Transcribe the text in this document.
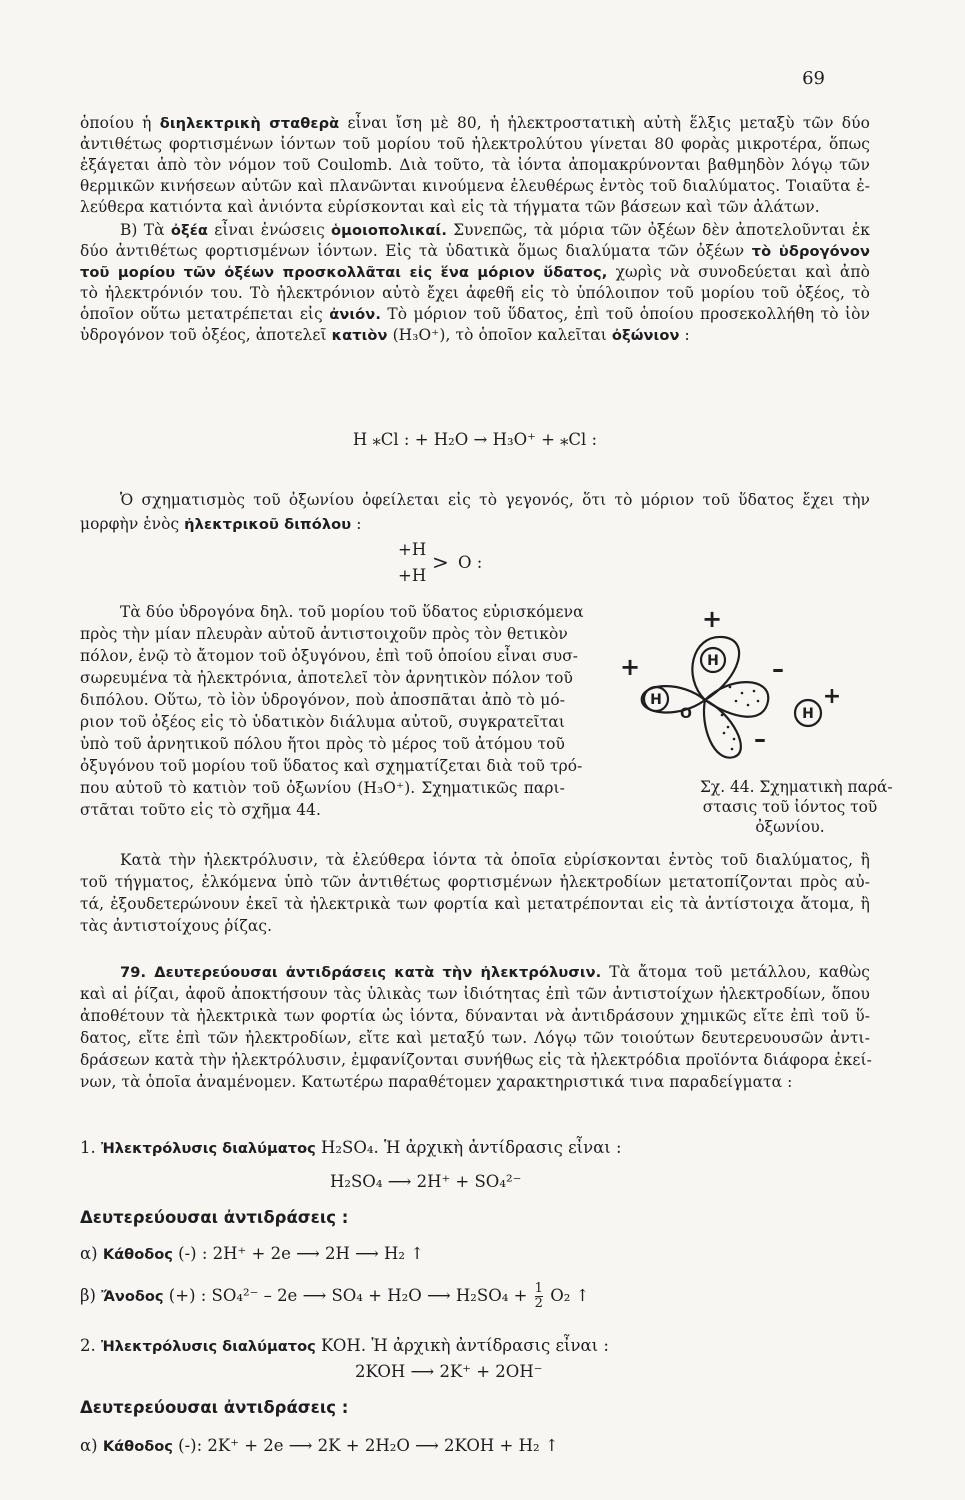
69
ὁποίου ἡ διηλεκτρικὴ σταθερὰ εἶναι ἴση μὲ 80, ἡ ἠλεκτροστατικὴ αὐτὴ ἕλξις μεταξὺ τῶν δύο
ἀντιθέτως φορτισμένων ἰόντων τοῦ μορίου τοῦ ἠλεκτρολύτου γίνεται 80 φορὰς μικροτέρα, ὅπως
ἐξάγεται ἀπὸ τὸν νόμον τοῦ Coulomb. Διὰ τοῦτο, τὰ ἰόντα ἀπομακρύνονται βαθμηδὸν λόγῳ τῶν
θερμικῶν κινήσεων αὐτῶν καὶ πλανῶνται κινούμενα ἐλευθέρως ἐντὸς τοῦ διαλύματος. Τοιαῦτα ἐ-
λεύθερα κατιόντα καὶ ἀνιόντα εὑρίσκονται καὶ εἰς τὰ τήγματα τῶν βάσεων καὶ τῶν ἀλάτων.
Β) Τὰ ὀξέα εἶναι ἑνώσεις ὁμοιοπολικαί. Συνεπῶς, τὰ μόρια τῶν ὀξέων δὲν ἀποτελοῦνται ἐκ
δύο ἀντιθέτως φορτισμένων ἰόντων. Εἰς τὰ ὑδατικὰ ὅμως διαλύματα τῶν ὀξέων τὸ ὑδρογόνον
τοῦ μορίου τῶν ὀξέων προσκολλᾶται εἰς ἕνα μόριον ὕδατος, χωρὶς νὰ συνοδεύεται καὶ ἀπὸ
τὸ ἠλεκτρόνιόν του. Τὸ ἠλεκτρόνιον αὐτὸ ἔχει ἀφεθῆ εἰς τὸ ὑπόλοιπον τοῦ μορίου τοῦ ὀξέος, τὸ
ὁποῖον οὕτω μετατρέπεται εἰς ἀνιόν. Τὸ μόριον τοῦ ὕδατος, ἐπὶ τοῦ ὁποίου προσεκολλήθη τὸ ἰὸν
ὑδρογόνον τοῦ ὀξέος, ἀποτελεῖ κατιὸν (H₃O⁺), τὸ ὁποῖον καλεῖται ὀξώνιον :
H ⁎Cl : + H₂O → H₃O⁺ + ⁎Cl :
Ὁ σχηματισμὸς τοῦ ὀξωνίου ὀφείλεται εἰς τὸ γεγονός, ὅτι τὸ μόριον τοῦ ὕδατος ἔχει τὴν
μορφὴν ἑνὸς ἠλεκτρικοῦ διπόλου :
+H
+H
> O :
Τὰ δύο ὑδρογόνα δηλ. τοῦ μορίου τοῦ ὕδατος εὑρισκόμενα
πρὸς τὴν μίαν πλευρὰν αὐτοῦ ἀντιστοιχοῦν πρὸς τὸν θετικὸν
πόλον, ἐνῷ τὸ ἄτομον τοῦ ὀξυγόνου, ἐπὶ τοῦ ὁποίου εἶναι συσ-
σωρευμένα τὰ ἠλεκτρόνια, ἀποτελεῖ τὸν ἀρνητικὸν πόλον τοῦ
διπόλου. Οὕτω, τὸ ἰὸν ὑδρογόνον, ποὺ ἀποσπᾶται ἀπὸ τὸ μό-
ριον τοῦ ὀξέος εἰς τὸ ὑδατικὸν διάλυμα αὐτοῦ, συγκρατεῖται
ὑπὸ τοῦ ἀρνητικοῦ πόλου ἤτοι πρὸς τὸ μέρος τοῦ ἀτόμου τοῦ
ὀξυγόνου τοῦ μορίου τοῦ ὕδατος καὶ σχηματίζεται διὰ τοῦ τρό-
που αὐτοῦ τὸ κατιὸν τοῦ ὀξωνίου (H₃O⁺). Σχηματικῶς παρι-
στᾶται τοῦτο εἰς τὸ σχῆμα 44.
H
H
O	H
+
+	–
–
+
Σχ. 44. Σχηματικὴ παρά-
στασις τοῦ ἰόντος τοῦ
ὀξωνίου.
Κατὰ τὴν ἠλεκτρόλυσιν, τὰ ἐλεύθερα ἰόντα τὰ ὁποῖα εὑρίσκονται ἐντὸς τοῦ διαλύματος, ἢ
τοῦ τήγματος, ἑλκόμενα ὑπὸ τῶν ἀντιθέτως φορτισμένων ἠλεκτροδίων μετατοπίζονται πρὸς αὐ-
τά, ἐξουδετερώνουν ἐκεῖ τὰ ἠλεκτρικὰ των φορτία καὶ μετατρέπονται εἰς τὰ ἀντίστοιχα ἄτομα, ἢ
τὰς ἀντιστοίχους ῥίζας.
79. Δευτερεύουσαι ἀντιδράσεις κατὰ τὴν ἠλεκτρόλυσιν. Τὰ ἄτομα τοῦ μετάλλου, καθὼς
καὶ αἱ ῥίζαι, ἀφοῦ ἀποκτήσουν τὰς ὑλικὰς των ἰδιότητας ἐπὶ τῶν ἀντιστοίχων ἠλεκτροδίων, ὅπου
ἀποθέτουν τὰ ἠλεκτρικὰ των φορτία ὡς ἰόντα, δύνανται νὰ ἀντιδράσουν χημικῶς εἴτε ἐπὶ τοῦ ὕ-
δατος, εἴτε ἐπὶ τῶν ἠλεκτροδίων, εἴτε καὶ μεταξύ των. Λόγῳ τῶν τοιούτων δευτερευουσῶν ἀντι-
δράσεων κατὰ τὴν ἠλεκτρόλυσιν, ἐμφανίζονται συνήθως εἰς τὰ ἠλεκτρόδια προϊόντα διάφορα ἐκεί-
νων, τὰ ὁποῖα ἀναμένομεν. Κατωτέρω παραθέτομεν χαρακτηριστικά τινα παραδείγματα :
1. Ἠλεκτρόλυσις διαλύματος H₂SO₄. Ἡ ἀρχικὴ ἀντίδρασις εἶναι :
H₂SO₄ ⟶ 2H⁺ + SO₄²⁻
Δευτερεύουσαι ἀντιδράσεις :
α) Κάθοδος (-) : 2H⁺ + 2e ⟶ 2H ⟶ H₂ ↑
β) Ἄνοδος (+) : SO₄²⁻ – 2e ⟶ SO₄ + H₂O ⟶ $H_2SO_4 + \frac{1}{2} O_2$ ↑
2. Ἠλεκτρόλυσις διαλύματος KOH. Ἡ ἀρχικὴ ἀντίδρασις εἶναι :
2KOH ⟶ 2K⁺ + 2OH⁻
Δευτερεύουσαι ἀντιδράσεις :
α) Κάθοδος (-): 2K⁺ + 2e ⟶ 2K + 2H₂O ⟶ 2KOH + H₂ ↑
